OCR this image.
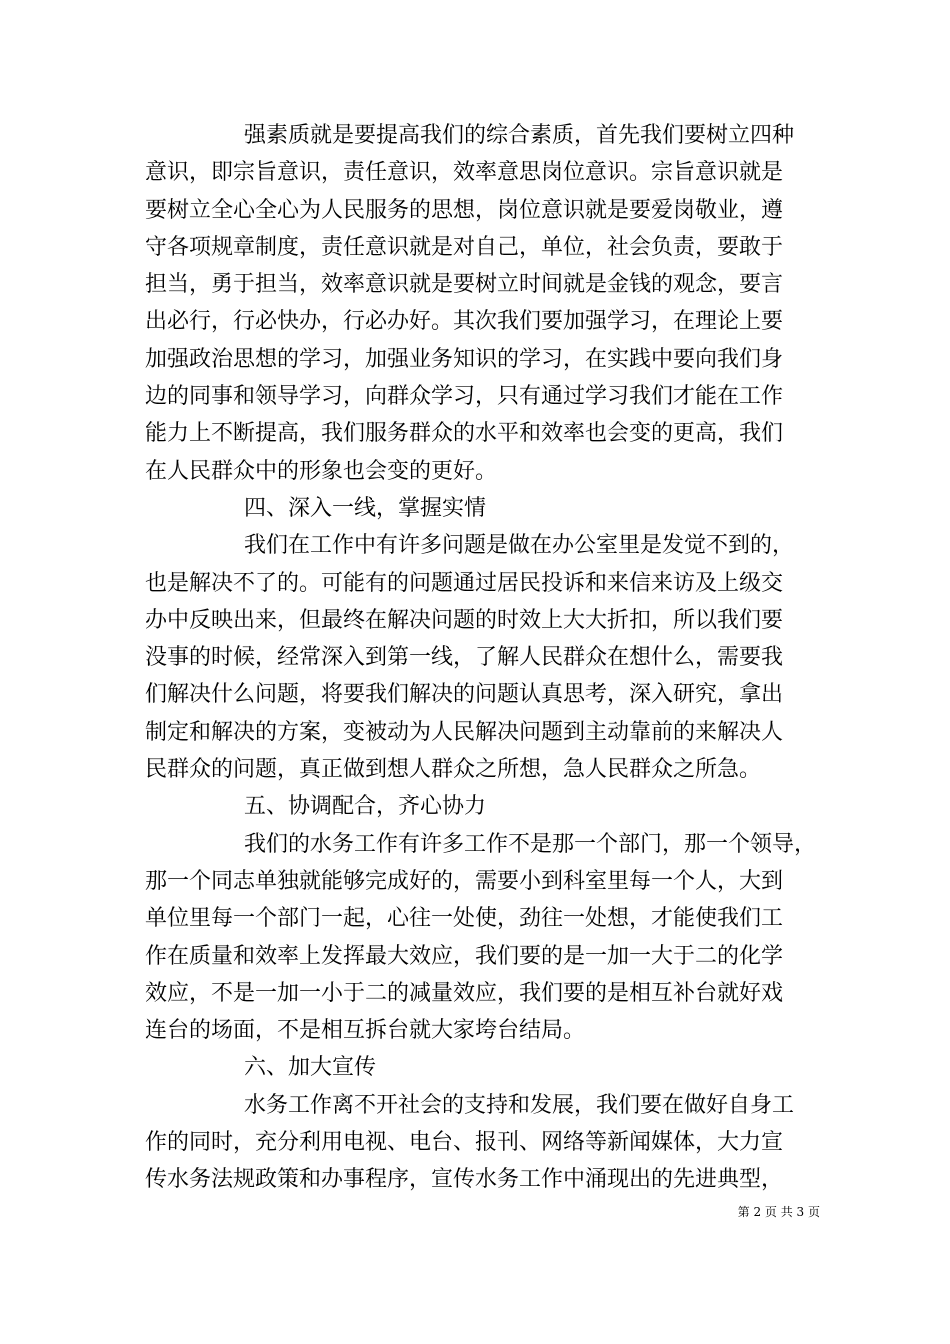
强素质就是要提高我们的综合素质，首先我们要树立四种
意识，即宗旨意识，责任意识，效率意思岗位意识。宗旨意识就是
要树立全心全心为人民服务的思想，岗位意识就是要爱岗敬业，遵
守各项规章制度，责任意识就是对自己，单位，社会负责，要敢于
担当，勇于担当，效率意识就是要树立时间就是金钱的观念，要言
出必行，行必快办，行必办好。其次我们要加强学习，在理论上要
加强政治思想的学习，加强业务知识的学习，在实践中要向我们身
边的同事和领导学习，向群众学习，只有通过学习我们才能在工作
能力上不断提高，我们服务群众的水平和效率也会变的更高，我们
在人民群众中的形象也会变的更好。
四、深入一线，掌握实情
我们在工作中有许多问题是做在办公室里是发觉不到的，
也是解决不了的。可能有的问题通过居民投诉和来信来访及上级交
办中反映出来，但最终在解决问题的时效上大大折扣，所以我们要
没事的时候，经常深入到第一线，了解人民群众在想什么，需要我
们解决什么问题，将要我们解决的问题认真思考，深入研究，拿出
制定和解决的方案，变被动为人民解决问题到主动靠前的来解决人
民群众的问题，真正做到想人群众之所想，急人民群众之所急。
五、协调配合，齐心协力
我们的水务工作有许多工作不是那一个部门，那一个领导，
那一个同志单独就能够完成好的，需要小到科室里每一个人，大到
单位里每一个部门一起，心往一处使，劲往一处想，才能使我们工
作在质量和效率上发挥最大效应，我们要的是一加一大于二的化学
效应，不是一加一小于二的减量效应，我们要的是相互补台就好戏
连台的场面，不是相互拆台就大家垮台结局。
六、加大宣传
水务工作离不开社会的支持和发展，我们要在做好自身工
作的同时，充分利用电视、电台、报刊、网络等新闻媒体，大力宣
传水务法规政策和办事程序，宣传水务工作中涌现出的先进典型，
第 2 页 共 3 页
